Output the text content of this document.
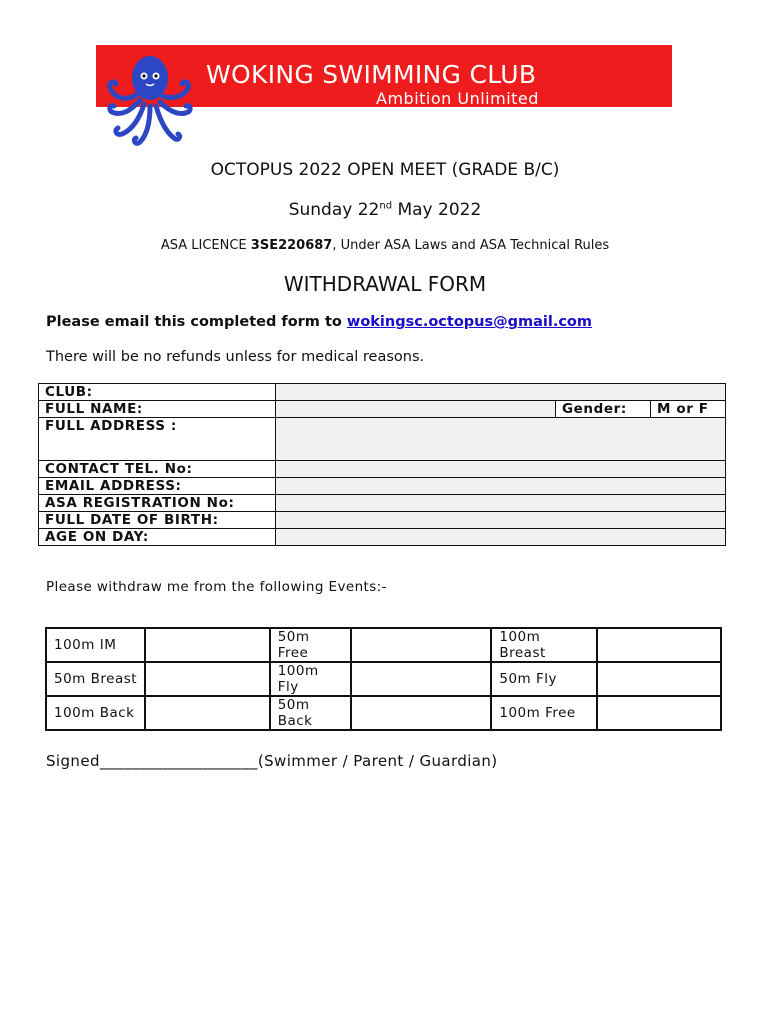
WOKING SWIMMING CLUB
Ambition Unlimited
OCTOPUS 2022 OPEN MEET (GRADE B/C)
Sunday 22nd May 2022
ASA LICENCE 3SE220687, Under ASA Laws and ASA Technical Rules
WITHDRAWAL FORM
Please email this completed form to wokingsc.octopus@gmail.com
There will be no refunds unless for medical reasons.
CLUB:			
FULL NAME:		Gender:	M or F
FULL ADDRESS :			
CONTACT TEL. No:			
EMAIL ADDRESS:			
ASA REGISTRATION No:			
FULL DATE OF BIRTH:			
AGE ON DAY:			
Please withdraw me from the following Events:-
100m IM		50m Free		100m Breast	
50m Breast		100m Fly		50m Fly	
100m Back		50m Back		100m Free	
Signed____________________(Swimmer / Parent / Guardian)
